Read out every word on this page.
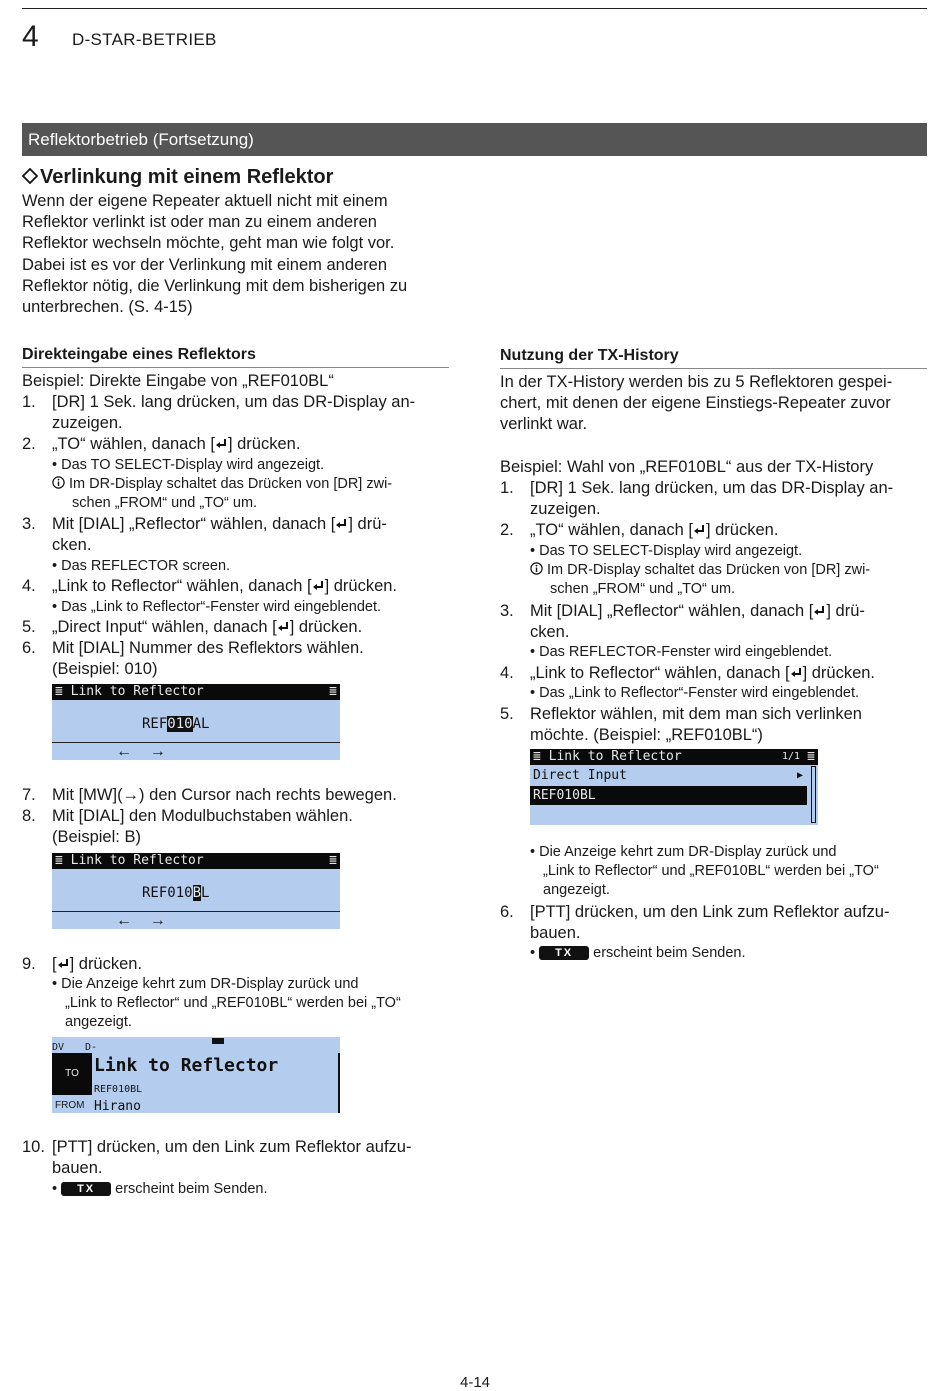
4 D-STAR-BETRIEB
Reflektorbetrieb (Fortsetzung)
Verlinkung mit einem Reflektor
Wenn der eigene Repeater aktuell nicht mit einem
Reflektor verlinkt ist oder man zu einem anderen
Reflektor wechseln möchte, geht man wie folgt vor.
Dabei ist es vor der Verlinkung mit einem anderen
Reflektor nötig, die Verlinkung mit dem bisherigen zu
unterbrechen. (S. 4-15)
Direkteingabe eines Reflektors
Beispiel: Direkte Eingabe von „REF010BL“
1. [DR] 1 Sek. lang drücken, um das DR-Display an-
zuzeigen.
2. „TO“ wählen, danach [ ] drücken.
• Das TO SELECT-Display wird angezeigt.
Im DR-Display schaltet das Drücken von [DR] zwi-
schen „FROM“ und „TO“ um.
3. Mit [DIAL] „Reflector“ wählen, danach [ ] drü-
cken.
• Das REFLECTOR screen.
4. „Link to Reflector“ wählen, danach [ ] drücken.
• Das „Link to Reflector“-Fenster wird eingeblendet.
5. „Direct Input“ wählen, danach [ ] drücken.
6. Mit [DIAL] Nummer des Reflektors wählen.
(Beispiel: 010)
≣ Link to Reflector	≣
REF010AL
←    →
7. Mit [MW](→) den Cursor nach rechts bewegen.
8. Mit [DIAL] den Modulbuchstaben wählen.
(Beispiel: B)
≣ Link to Reflector	≣
REF010BL
←    →
9. [ ] drücken.
• Die Anzeige kehrt zum DR-Display zurück und
„Link to Reflector“ und „REF010BL“ werden bei „TO“
angezeigt.
DV D-
TO Link to Reflector
REF010BL
FROM Hirano
10. [PTT] drücken, um den Link zum Reflektor aufzu-
bauen.
• TX erscheint beim Senden.
Nutzung der TX-History
In der TX-History werden bis zu 5 Reflektoren gespei-
chert, mit denen der eigene Einstiegs-Repeater zuvor
verlinkt war.
Beispiel: Wahl von „REF010BL“ aus der TX-History
1. [DR] 1 Sek. lang drücken, um das DR-Display an-
zuzeigen.
2. „TO“ wählen, danach [ ] drücken.
• Das TO SELECT-Display wird angezeigt.
Im DR-Display schaltet das Drücken von [DR] zwi-
schen „FROM“ und „TO“ um.
3. Mit [DIAL] „Reflector“ wählen, danach [ ] drü-
cken.
• Das REFLECTOR-Fenster wird eingeblendet.
4. „Link to Reflector“ wählen, danach [ ] drücken.
• Das „Link to Reflector“-Fenster wird eingeblendet.
5. Reflektor wählen, mit dem man sich verlinken
möchte. (Beispiel: „REF010BL“)
≣ Link to Reflector	1/1 ≣
Direct Input	▶
REF010BL
• Die Anzeige kehrt zum DR-Display zurück und
„Link to Reflector“ und „REF010BL“ werden bei „TO“
angezeigt.
6. [PTT] drücken, um den Link zum Reflektor aufzu-
bauen.
• TX erscheint beim Senden.
4-14
